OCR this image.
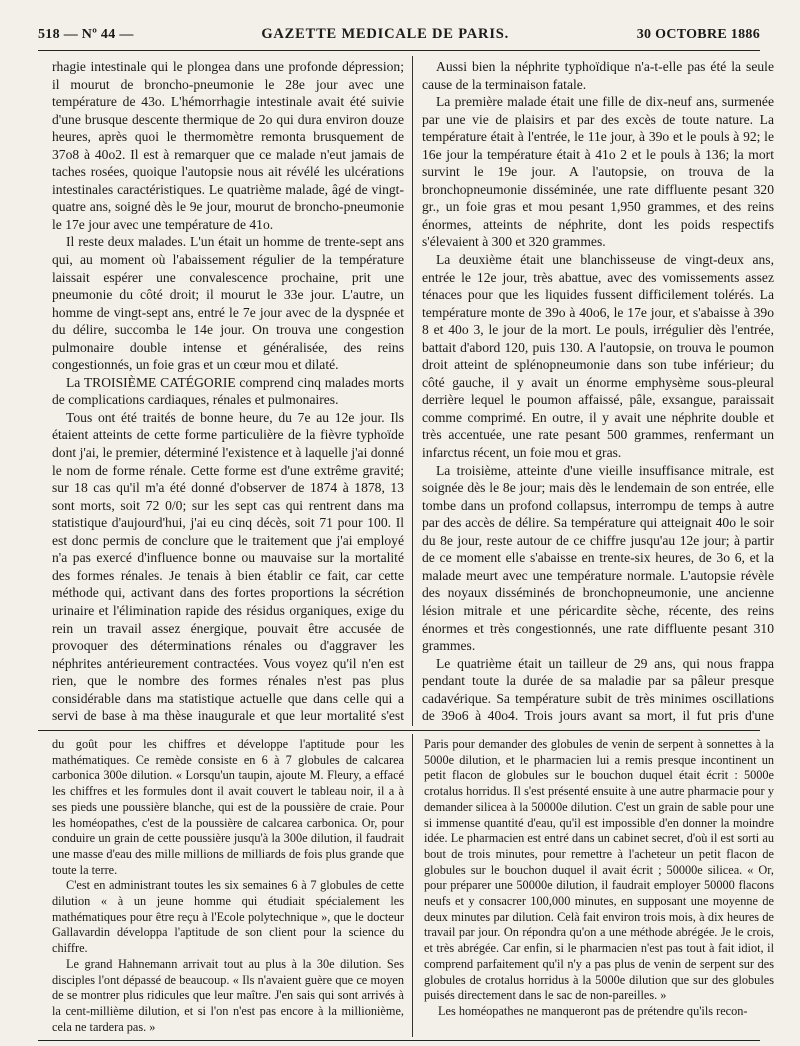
518 — Nº 44 —	GAZETTE MEDICALE DE PARIS.	30 OCTOBRE 1886

rhagie intestinale qui le plongea dans une profonde dépression; il mourut de broncho-pneumonie le 28e jour avec une température de 43o. L'hémorrhagie intestinale avait été suivie d'une brusque descente thermique de 2o qui dura environ douze heures, après quoi le thermomètre remonta brusquement de 37o8 à 40o2. Il est à remarquer que ce malade n'eut jamais de taches rosées, quoique l'autopsie nous ait révélé les ulcérations intestinales caractéristiques. Le quatrième malade, âgé de vingt-quatre ans, soigné dès le 9e jour, mourut de broncho-pneumonie le 17e jour avec une température de 41o.

Il reste deux malades. L'un était un homme de trente-sept ans qui, au moment où l'abaissement régulier de la température laissait espérer une convalescence prochaine, prit une pneumonie du côté droit; il mourut le 33e jour. L'autre, un homme de vingt-sept ans, entré le 7e jour avec de la dyspnée et du délire, succomba le 14e jour. On trouva une congestion pulmonaire double intense et généralisée, des reins congestionnés, un foie gras et un cœur mou et dilaté.

La TROISIÈME CATÉGORIE comprend cinq malades morts de complications cardiaques, rénales et pulmonaires.

Tous ont été traités de bonne heure, du 7e au 12e jour. Ils étaient atteints de cette forme particulière de la fièvre typhoïde dont j'ai, le premier, déterminé l'existence et à laquelle j'ai donné le nom de forme rénale. Cette forme est d'une extrême gravité; sur 18 cas qu'il m'a été donné d'observer de 1874 à 1878, 13 sont morts, soit 72 0/0; sur les sept cas qui rentrent dans ma statistique d'aujourd'hui, j'ai eu cinq décès, soit 71 pour 100. Il est donc permis de conclure que le traitement que j'ai employé n'a pas exercé d'influence bonne ou mauvaise sur la mortalité des formes rénales. Je tenais à bien établir ce fait, car cette méthode qui, activant dans des fortes proportions la sécrétion urinaire et l'élimination rapide des résidus organiques, exige du rein un travail assez énergique, pouvait être accusée de provoquer des déterminations rénales ou d'aggraver les néphrites antérieurement contractées. Vous voyez qu'il n'en est rien, que le nombre des formes rénales n'est pas plus considérable dans ma statistique actuelle que dans celle qui a servi de base à ma thèse inaugurale et que leur mortalité s'est

Aussi bien la néphrite typhoïdique n'a-t-elle pas été la seule cause de la terminaison fatale.

La première malade était une fille de dix-neuf ans, surmenée par une vie de plaisirs et par des excès de toute nature. La température était à l'entrée, le 11e jour, à 39o et le pouls à 92; le 16e jour la température était à 41o 2 et le pouls à 136; la mort survint le 19e jour. A l'autopsie, on trouva de la bronchopneumonie disséminée, une rate diffluente pesant 320 gr., un foie gras et mou pesant 1,950 grammes, et des reins énormes, atteints de néphrite, dont les poids respectifs s'élevaient à 300 et 320 grammes.

La deuxième était une blanchisseuse de vingt-deux ans, entrée le 12e jour, très abattue, avec des vomissements assez ténaces pour que les liquides fussent difficilement tolérés. La température monte de 39o à 40o6, le 17e jour, et s'abaisse à 39o 8 et 40o 3, le jour de la mort. Le pouls, irrégulier dès l'entrée, battait d'abord 120, puis 130. A l'autopsie, on trouva le poumon droit atteint de splénopneumonie dans son tube inférieur; du côté gauche, il y avait un énorme emphysème sous-pleural derrière lequel le poumon affaissé, pâle, exsangue, paraissait comme comprimé. En outre, il y avait une néphrite double et très accentuée, une rate pesant 500 grammes, renfermant un infarctus récent, un foie mou et gras.

La troisième, atteinte d'une vieille insuffisance mitrale, est soignée dès le 8e jour; mais dès le lendemain de son entrée, elle tombe dans un profond collapsus, interrompu de temps à autre par des accès de délire. Sa température qui atteignait 40o le soir du 8e jour, reste autour de ce chiffre jusqu'au 12e jour; à partir de ce moment elle s'abaisse en trente-six heures, de 3o 6, et la malade meurt avec une température normale. L'autopsie révèle des noyaux disséminés de bronchopneumonie, une ancienne lésion mitrale et une péricardite sèche, récente, des reins énormes et très congestionnés, une rate diffluente pesant 310 grammes.

Le quatrième était un tailleur de 29 ans, qui nous frappa pendant toute la durée de sa maladie par sa pâleur presque cadavérique. Sa température subit de très minimes oscillations de 39o6 à 40o4. Trois jours avant sa mort, il fut pris d'une

du goût pour les chiffres et développe l'aptitude pour les mathématiques. Ce remède consiste en 6 à 7 globules de calcarea carbonica 300e dilution. « Lorsqu'un taupin, ajoute M. Fleury, a effacé les chiffres et les formules dont il avait couvert le tableau noir, il a à ses pieds une poussière blanche, qui est de la poussière de craie. Pour les homéopathes, c'est de la poussière de calcarea carbonica. Or, pour conduire un grain de cette poussière jusqu'à la 300e dilution, il faudrait une masse d'eau des mille millions de milliards de fois plus grande que toute la terre.

C'est en administrant toutes les six semaines 6 à 7 globules de cette dilution « à un jeune homme qui étudiait spécialement les mathématiques pour être reçu à l'Ecole polytechnique », que le docteur Gallavardin développa l'aptitude de son client pour la science du chiffre.

Le grand Hahnemann arrivait tout au plus à la 30e dilution. Ses disciples l'ont dépassé de beaucoup. « Ils n'avaient guère que ce moyen de se montrer plus ridicules que leur maître. J'en sais qui sont arrivés à la cent-millième dilution, et si l'on n'est pas encore à la millionième, cela ne tardera pas. »

Paris pour demander des globules de venin de serpent à sonnettes à la 5000e dilution, et le pharmacien lui a remis presque incontinent un petit flacon de globules sur le bouchon duquel était écrit : 5000e crotalus horridus. Il s'est présenté ensuite à une autre pharmacie pour y demander silicea à la 50000e dilution. C'est un grain de sable pour une si immense quantité d'eau, qu'il est impossible d'en donner la moindre idée. Le pharmacien est entré dans un cabinet secret, d'où il est sorti au bout de trois minutes, pour remettre à l'acheteur un petit flacon de globules sur le bouchon duquel il avait écrit ; 50000e silicea. « Or, pour préparer une 50000e dilution, il faudrait employer 50000 flacons neufs et y consacrer 100,000 minutes, en supposant une moyenne de deux minutes par dilution. Celà fait environ trois mois, à dix heures de travail par jour. On répondra qu'on a une méthode abrégée. Je le crois, et très abrégée. Car enfin, si le pharmacien n'est pas tout à fait idiot, il comprend parfaitement qu'il n'y a pas plus de venin de serpent sur des globules de crotalus horridus à la 5000e dilution que sur des globules puisés directement dans le sac de non-pareilles. »

Les homéopathes ne manqueront pas de prétendre qu'ils recon-
